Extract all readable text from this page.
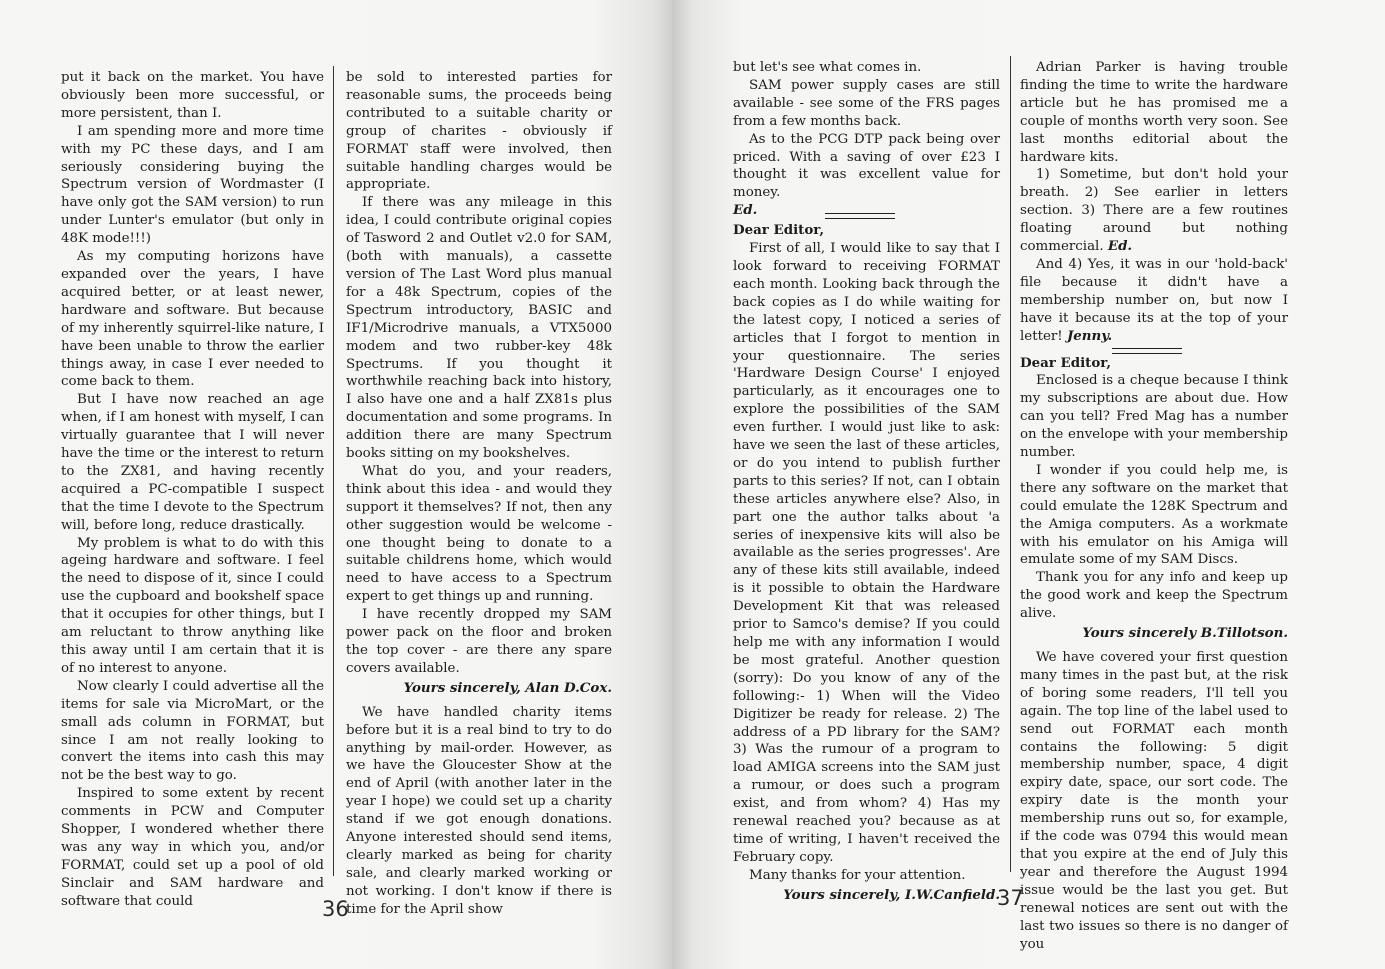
put it back on the market. You have obviously been more successful, or more persistent, than I.

I am spending more and more time with my PC these days, and I am seriously considering buying the Spectrum version of Wordmaster (I have only got the SAM version) to run under Lunter's emulator (but only in 48K mode!!!)

As my computing horizons have expanded over the years, I have acquired better, or at least newer, hardware and software. But because of my inherently squirrel-like nature, I have been unable to throw the earlier things away, in case I ever needed to come back to them.

But I have now reached an age when, if I am honest with myself, I can virtually guarantee that I will never have the time or the interest to return to the ZX81, and having recently acquired a PC-compatible I suspect that the time I devote to the Spectrum will, before long, reduce drastically.

My problem is what to do with this ageing hardware and software. I feel the need to dispose of it, since I could use the cupboard and bookshelf space that it occupies for other things, but I am reluctant to throw anything like this away until I am certain that it is of no interest to anyone.

Now clearly I could advertise all the items for sale via MicroMart, or the small ads column in FORMAT, but since I am not really looking to convert the items into cash this may not be the best way to go.

Inspired to some extent by recent comments in PCW and Computer Shopper, I wondered whether there was any way in which you, and/or FORMAT, could set up a pool of old Sinclair and SAM hardware and software that could

be sold to interested parties for reasonable sums, the proceeds being contributed to a suitable charity or group of charites - obviously if FORMAT staff were involved, then suitable handling charges would be appropriate.

If there was any mileage in this idea, I could contribute original copies of Tasword 2 and Outlet v2.0 for SAM, (both with manuals), a cassette version of The Last Word plus manual for a 48k Spectrum, copies of the Spectrum introductory, BASIC and IF1/Microdrive manuals, a VTX5000 modem and two rubber-key 48k Spectrums. If you thought it worthwhile reaching back into history, I also have one and a half ZX81s plus documentation and some programs. In addition there are many Spectrum books sitting on my bookshelves.

What do you, and your readers, think about this idea - and would they support it themselves? If not, then any other suggestion would be welcome - one thought being to donate to a suitable childrens home, which would need to have access to a Spectrum expert to get things up and running.

I have recently dropped my SAM power pack on the floor and broken the top cover - are there any spare covers available.

Yours sincerely, Alan D.Cox.

We have handled charity items before but it is a real bind to try to do anything by mail-order. However, as we have the Gloucester Show at the end of April (with another later in the year I hope) we could set up a charity stand if we got enough donations. Anyone interested should send items, clearly marked as being for charity sale, and clearly marked working or not working. I don't know if there is time for the April show

36

but let's see what comes in.

SAM power supply cases are still available - see some of the FRS pages from a few months back.

As to the PCG DTP pack being over priced. With a saving of over £23 I thought it was excellent value for money.

Ed.

Dear Editor,

First of all, I would like to say that I look forward to receiving FORMAT each month. Looking back through the back copies as I do while waiting for the latest copy, I noticed a series of articles that I forgot to mention in your questionnaire. The series 'Hardware Design Course' I enjoyed particularly, as it encourages one to explore the possibilities of the SAM even further. I would just like to ask: have we seen the last of these articles, or do you intend to publish further parts to this series? If not, can I obtain these articles anywhere else? Also, in part one the author talks about 'a series of inexpensive kits will also be available as the series progresses'. Are any of these kits still available, indeed is it possible to obtain the Hardware Development Kit that was released prior to Samco's demise? If you could help me with any information I would be most grateful. Another question (sorry): Do you know of any of the following:- 1) When will the Video Digitizer be ready for release. 2) The address of a PD library for the SAM? 3) Was the rumour of a program to load AMIGA screens into the SAM just a rumour, or does such a program exist, and from whom? 4) Has my renewal reached you? because as at time of writing, I haven't received the February copy.

Many thanks for your attention.

Yours sincerely, I.W.Canfield.

Adrian Parker is having trouble finding the time to write the hardware article but he has promised me a couple of months worth very soon. See last months editorial about the hardware kits.

1) Sometime, but don't hold your breath. 2) See earlier in letters section. 3) There are a few routines floating around but nothing commercial. Ed.

And 4) Yes, it was in our 'hold-back' file because it didn't have a membership number on, but now I have it because its at the top of your letter! Jenny.

Dear Editor,

Enclosed is a cheque because I think my subscriptions are about due. How can you tell? Fred Mag has a number on the envelope with your membership number.

I wonder if you could help me, is there any software on the market that could emulate the 128K Spectrum and the Amiga computers. As a workmate with his emulator on his Amiga will emulate some of my SAM Discs.

Thank you for any info and keep up the good work and keep the Spectrum alive.

Yours sincerely B.Tillotson.

We have covered your first question many times in the past but, at the risk of boring some readers, I'll tell you again. The top line of the label used to send out FORMAT each month contains the following: 5 digit membership number, space, 4 digit expiry date, space, our sort code. The expiry date is the month your membership runs out so, for example, if the code was 0794 this would mean that you expire at the end of July this year and therefore the August 1994 issue would be the last you get. But renewal notices are sent out with the last two issues so there is no danger of you

37
